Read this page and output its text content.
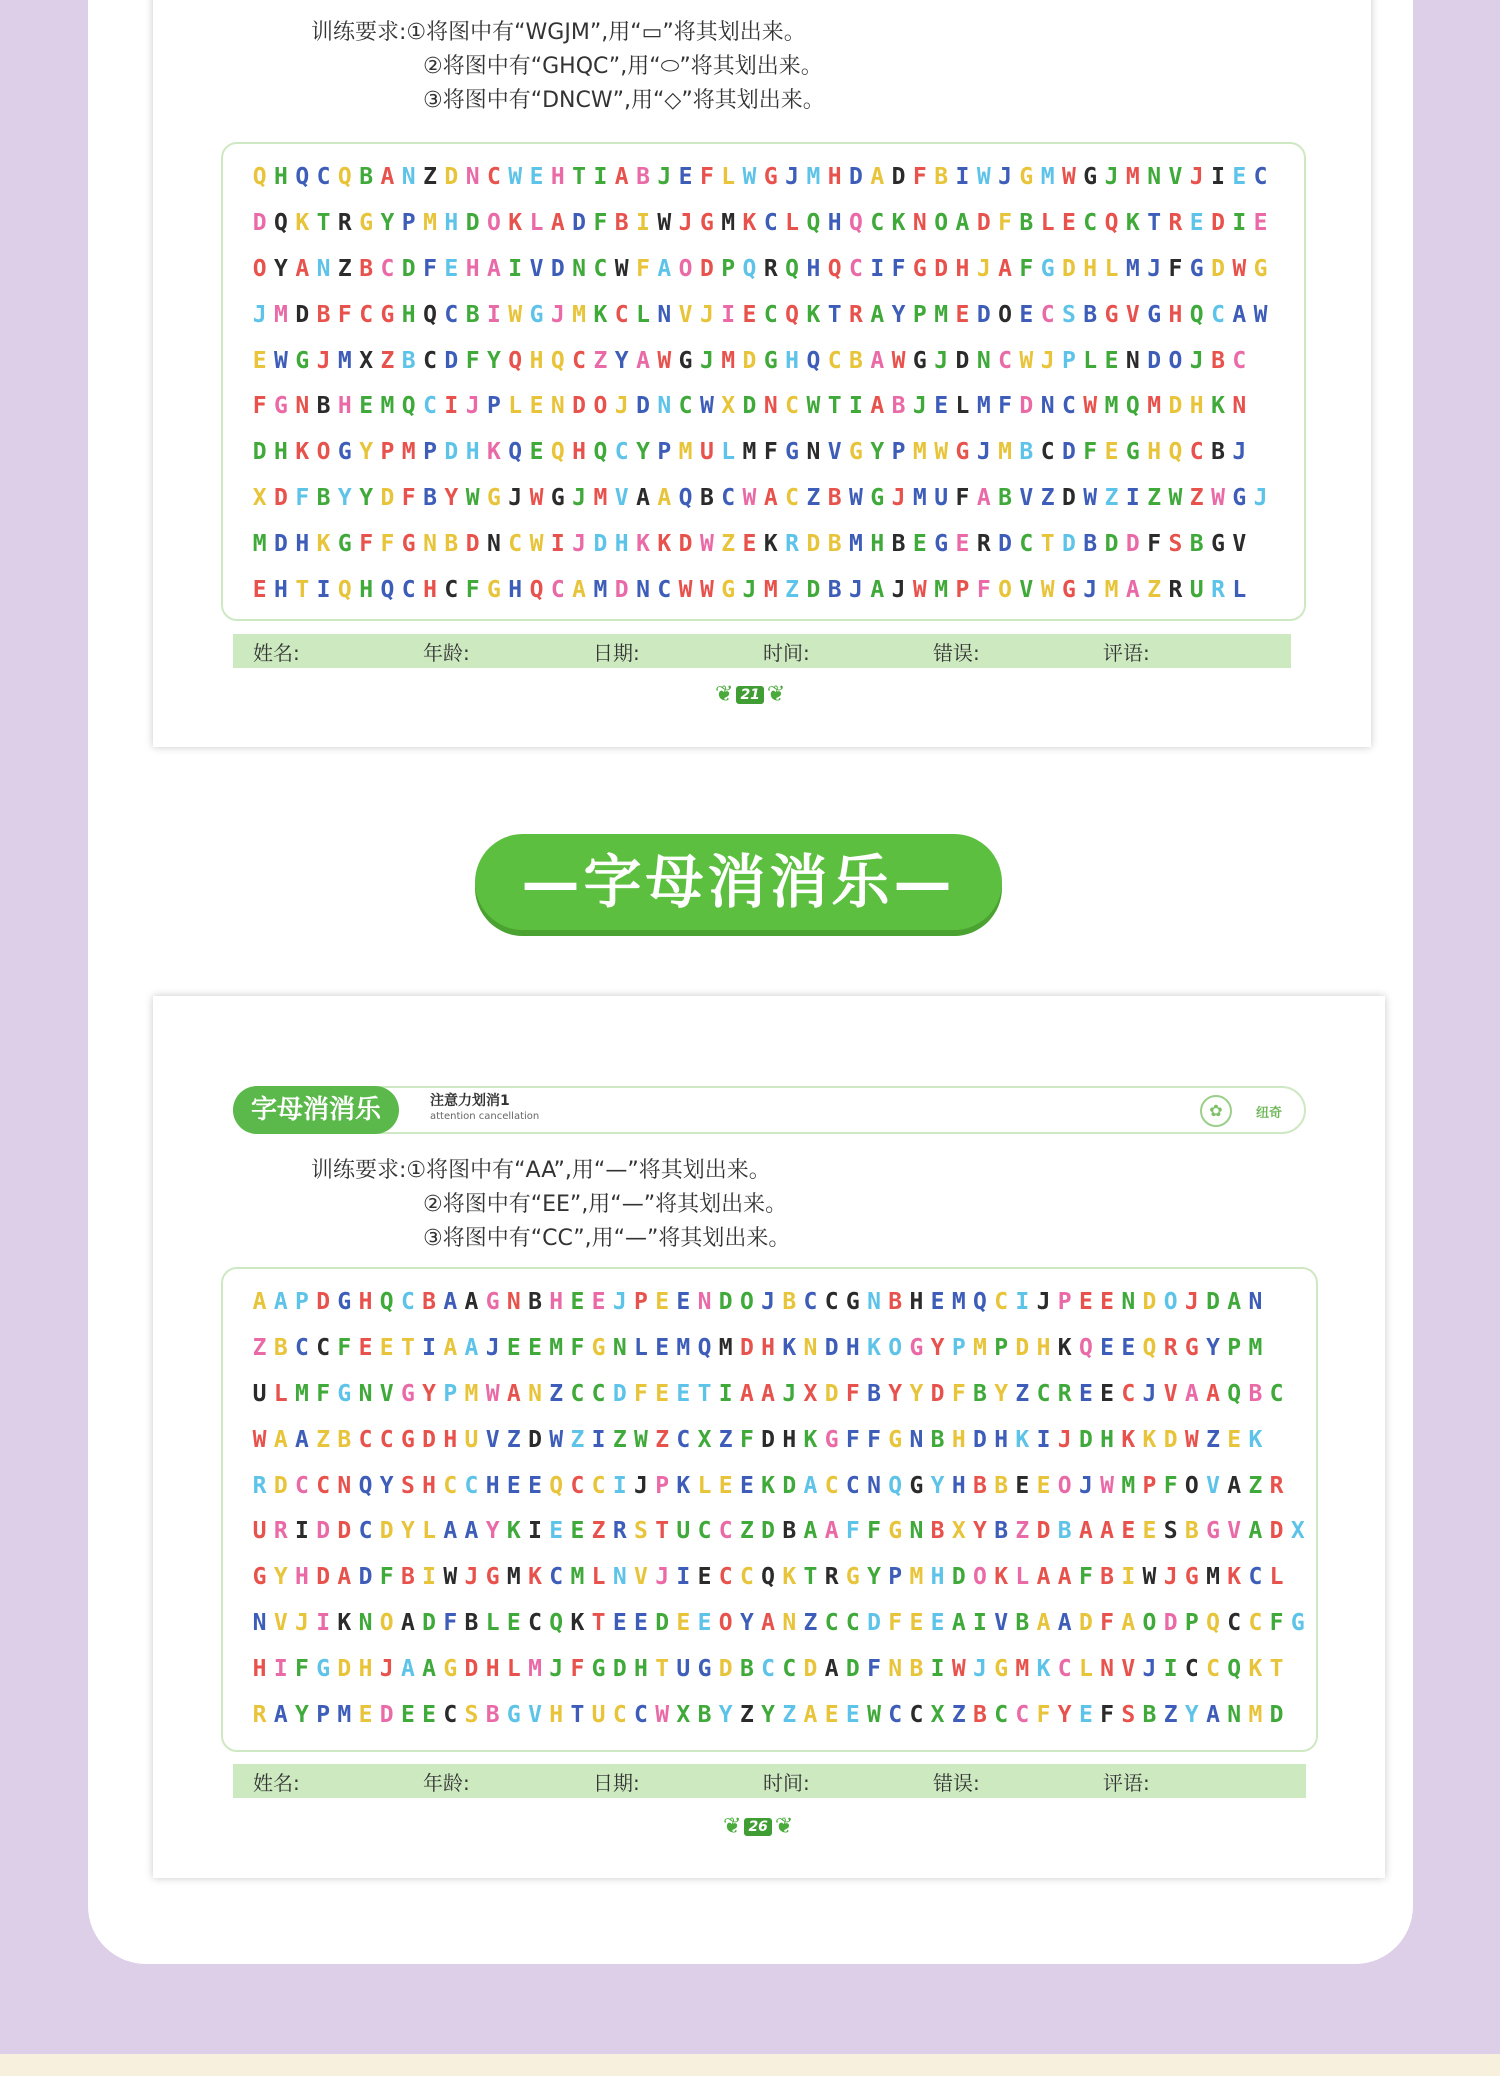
训练要求:①将图中有“WGJM”,用“▭”将其划出来。
②将图中有“GHQC”,用“⬭”将其划出来。
③将图中有“DNCW”,用“◇”将其划出来。
Q H Q C Q B A N Z D N C W E H T I A B J E F L W G J M H D A D F B I W J G M W G J M N V J I E C
D Q K T R G Y P M H D O K L A D F B I W J G M K C L Q H Q C K N O A D F B L E C Q K T R E D I E
O Y A N Z B C D F E H A I V D N C W F A O D P Q R Q H Q C I F G D H J A F G D H L M J F G D W G
J M D B F C G H Q C B I W G J M K C L N V J I E C Q K T R A Y P M E D O E C S B G V G H Q C A W
E W G J M X Z B C D F Y Q H Q C Z Y A W G J M D G H Q C B A W G J D N C W J P L E N D O J B C
F G N B H E M Q C I J P L E N D O J D N C W X D N C W T I A B J E L M F D N C W M Q M D H K N
D H K O G Y P M P D H K Q E Q H Q C Y P M U L M F G N V G Y P M W G J M B C D F E G H Q C B J
X D F B Y Y D F B Y W G J W G J M V A A Q B C W A C Z B W G J M U F A B V Z D W Z I Z W Z W G J
M D H K G F F G N B D N C W I J D H K K D W Z E K R D B M H B E G E R D C T D B D D F S B G V
E H T I Q H Q C H C F G H Q C A M D N C W W G J M Z D B J A J W M P F O V W G J M A Z R U R L
姓名:	年龄:	日期:	时间:	错误:	评语:
❦ 21 ❦
—字母消消乐—
字母消消乐	注意力划消1
attention cancellation	✿	纽奇
训练要求:①将图中有“AA”,用“—”将其划出来。
②将图中有“EE”,用“—”将其划出来。
③将图中有“CC”,用“—”将其划出来。
A A P D G H Q C B A A G N B H E E J P E E N D O J B C C G N B H E M Q C I J P E E N D O J D A N
Z B C C F E E T I A A J E E M F G N L E M Q M D H K N D H K O G Y P M P D H K Q E E Q R G Y P M
U L M F G N V G Y P M W A N Z C C D F E E T I A A J X D F B Y Y D F B Y Z C R E E C J V A A Q B C
W A A Z B C C G D H U V Z D W Z I Z W Z C X Z F D H K G F F G N B H D H K I J D H K K D W Z E K
R D C C N Q Y S H C C H E E Q C C I J P K L E E K D A C C N Q G Y H B B E E O J W M P F O V A Z R
U R I D D C D Y L A A Y K I E E Z R S T U C C Z D B A A F F G N B X Y B Z D B A A E E S B G V A D X
G Y H D A D F B I W J G M K C M L N V J I E C C Q K T R G Y P M H D O K L A A F B I W J G M K C L
N V J I K N O A D F B L E C Q K T E E D E E O Y A N Z C C D F E E A I V B A A D F A O D P Q C C F G
H I F G D H J A A G D H L M J F G D H T U G D B C C D A D F N B I W J G M K C L N V J I C C Q K T
R A Y P M E D E E C S B G V H T U C C W X B Y Z Y Z A E E W C C X Z B C C F Y E F S B Z Y A N M D
姓名:	年龄:	日期:	时间:	错误:	评语:
❦ 26 ❦
